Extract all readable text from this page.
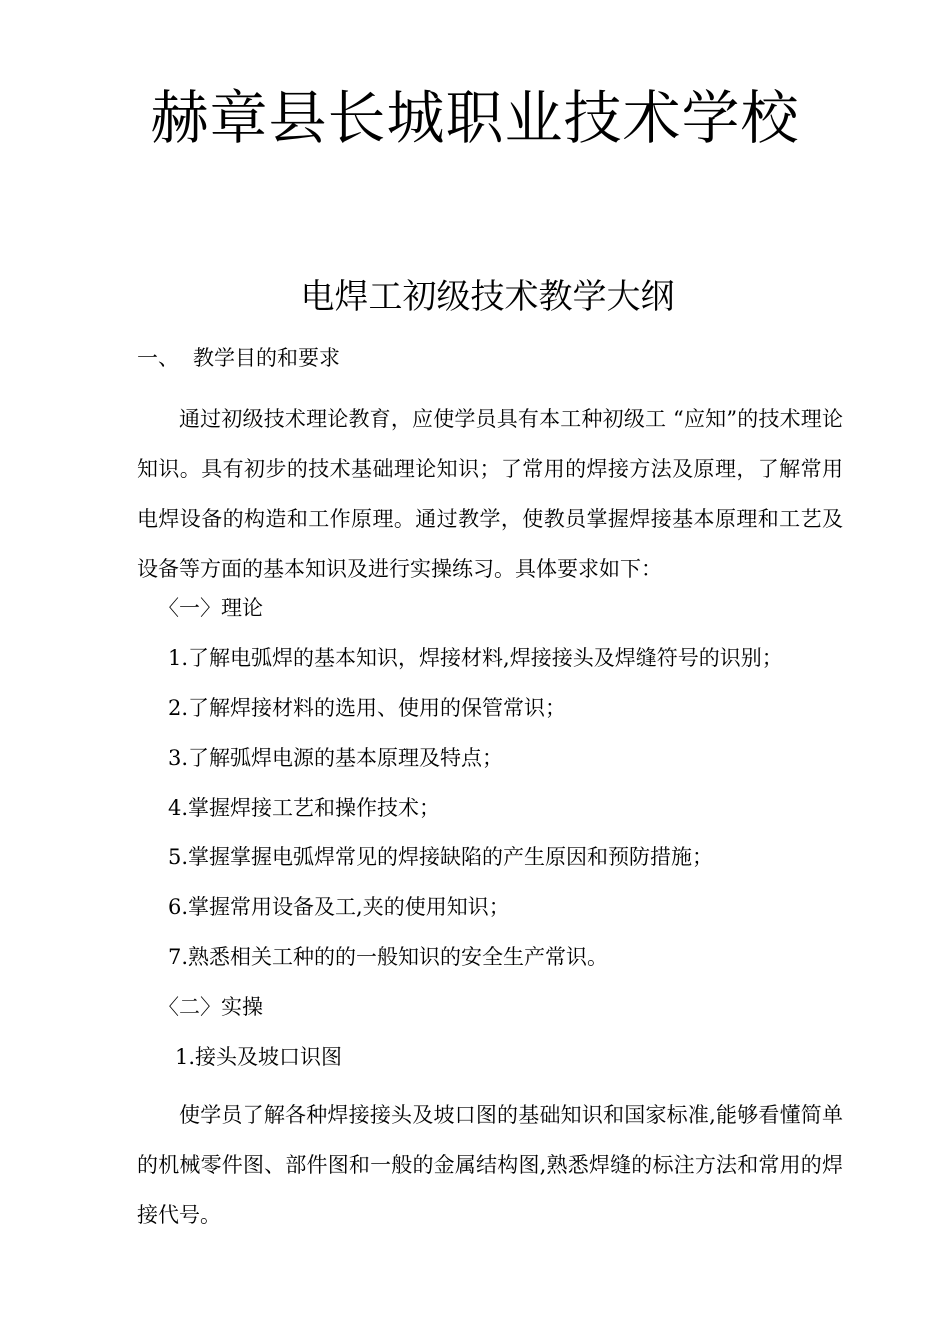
赫章县长城职业技术学校
电焊工初级技术教学大纲
一、 教学目的和要求

通过初级技术理论教育，应使学员具有本工种初级工 “应知”的技术理论知识。具有初步的技术基础理论知识；了常用的焊接方法及原理，了解常用电焊设备的构造和工作原理。通过教学，使教员掌握焊接基本原理和工艺及设备等方面的基本知识及进行实操练习。具体要求如下：

〈一〉理论
1.了解电弧焊的基本知识，焊接材料,焊接接头及焊缝符号的识别；
2.了解焊接材料的选用、使用的保管常识；
3.了解弧焊电源的基本原理及特点；
4.掌握焊接工艺和操作技术；
5.掌握掌握电弧焊常见的焊接缺陷的产生原因和预防措施；
6.掌握常用设备及工,夹的使用知识；
7.熟悉相关工种的的一般知识的安全生产常识。
〈二〉实操
1.接头及坡口识图

使学员了解各种焊接接头及坡口图的基础知识和国家标准,能够看懂简单的机械零件图、部件图和一般的金属结构图,熟悉焊缝的标注方法和常用的焊接代号。
